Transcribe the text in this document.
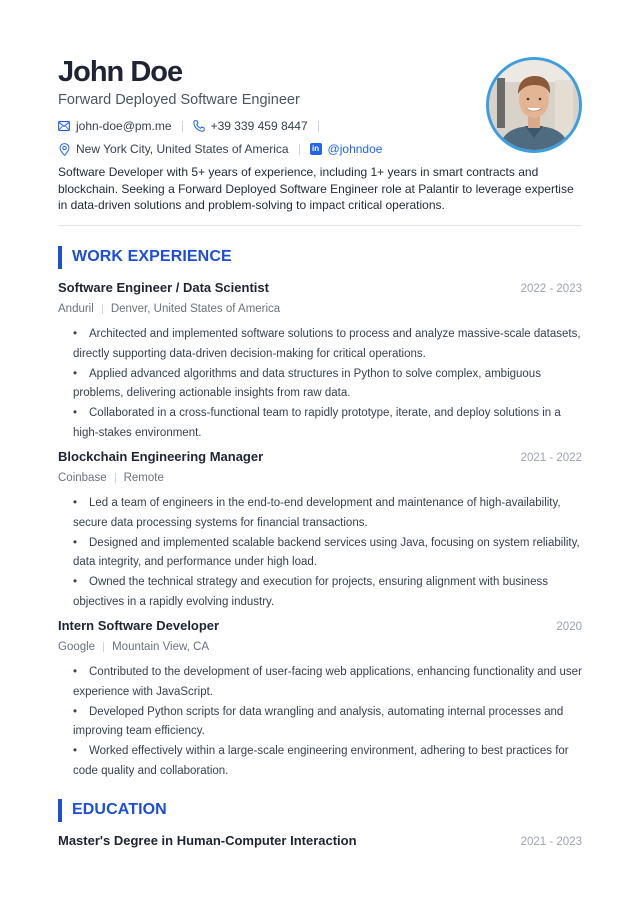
John Doe
Forward Deployed Software Engineer
john-doe@pm.me	+39 339 459 8447
New York City, United States of America	in @johndoe
Software Developer with 5+ years of experience, including 1+ years in smart contracts and blockchain. Seeking a Forward Deployed Software Engineer role at Palantir to leverage expertise in data-driven solutions and problem-solving to impact critical operations.
WORK EXPERIENCE
Software Engineer / Data Scientist	2022 - 2023
Anduril Denver, United States of America
• Architected and implemented software solutions to process and analyze massive-scale datasets, directly supporting data-driven decision-making for critical operations.
• Applied advanced algorithms and data structures in Python to solve complex, ambiguous problems, delivering actionable insights from raw data.
• Collaborated in a cross-functional team to rapidly prototype, iterate, and deploy solutions in a high-stakes environment.
Blockchain Engineering Manager	2021 - 2022
Coinbase Remote
• Led a team of engineers in the end-to-end development and maintenance of high-availability, secure data processing systems for financial transactions.
• Designed and implemented scalable backend services using Java, focusing on system reliability, data integrity, and performance under high load.
• Owned the technical strategy and execution for projects, ensuring alignment with business objectives in a rapidly evolving industry.
Intern Software Developer	2020
Google Mountain View, CA
• Contributed to the development of user-facing web applications, enhancing functionality and user experience with JavaScript.
• Developed Python scripts for data wrangling and analysis, automating internal processes and improving team efficiency.
• Worked effectively within a large-scale engineering environment, adhering to best practices for code quality and collaboration.
EDUCATION
Master's Degree in Human-Computer Interaction	2021 - 2023
